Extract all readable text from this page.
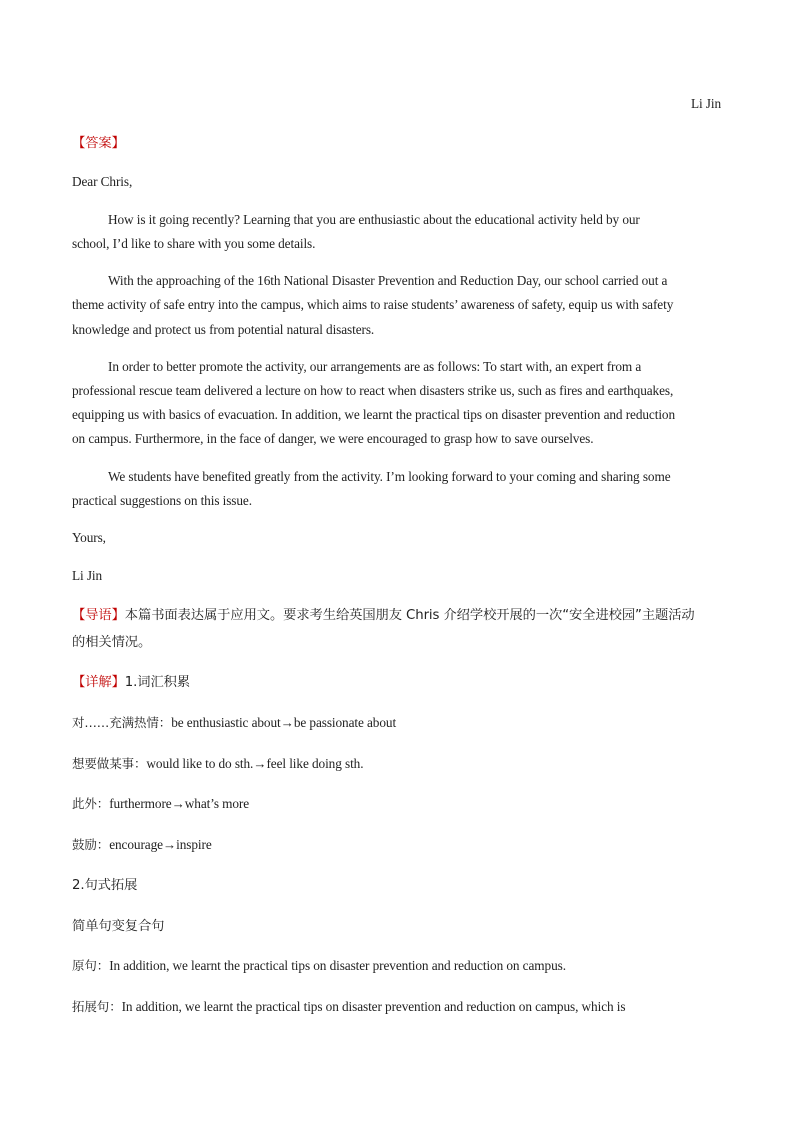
Li Jin
【答案】
Dear Chris,
How is it going recently? Learning that you are enthusiastic about the educational activity held by our
school, I’d like to share with you some details.
With the approaching of the 16th National Disaster Prevention and Reduction Day, our school carried out a
theme activity of safe entry into the campus, which aims to raise students’ awareness of safety, equip us with safety
knowledge and protect us from potential natural disasters.
In order to better promote the activity, our arrangements are as follows: To start with, an expert from a
professional rescue team delivered a lecture on how to react when disasters strike us, such as fires and earthquakes,
equipping us with basics of evacuation. In addition, we learnt the practical tips on disaster prevention and reduction
on campus. Furthermore, in the face of danger, we were encouraged to grasp how to save ourselves.
We students have benefited greatly from the activity. I’m looking forward to your coming and sharing some
practical suggestions on this issue.
Yours,
Li Jin
【导语】本篇书面表达属于应用文。要求考生给英国朋友 Chris 介绍学校开展的一次“安全进校园”主题活动
的相关情况。
【详解】1.词汇积累
对……充满热情：be enthusiastic about→be passionate about
想要做某事：would like to do sth.→feel like doing sth.
此外：furthermore→what’s more
鼓励：encourage→inspire
2.句式拓展
简单句变复合句
原句：In addition, we learnt the practical tips on disaster prevention and reduction on campus.
拓展句：In addition, we learnt the practical tips on disaster prevention and reduction on campus, which is
